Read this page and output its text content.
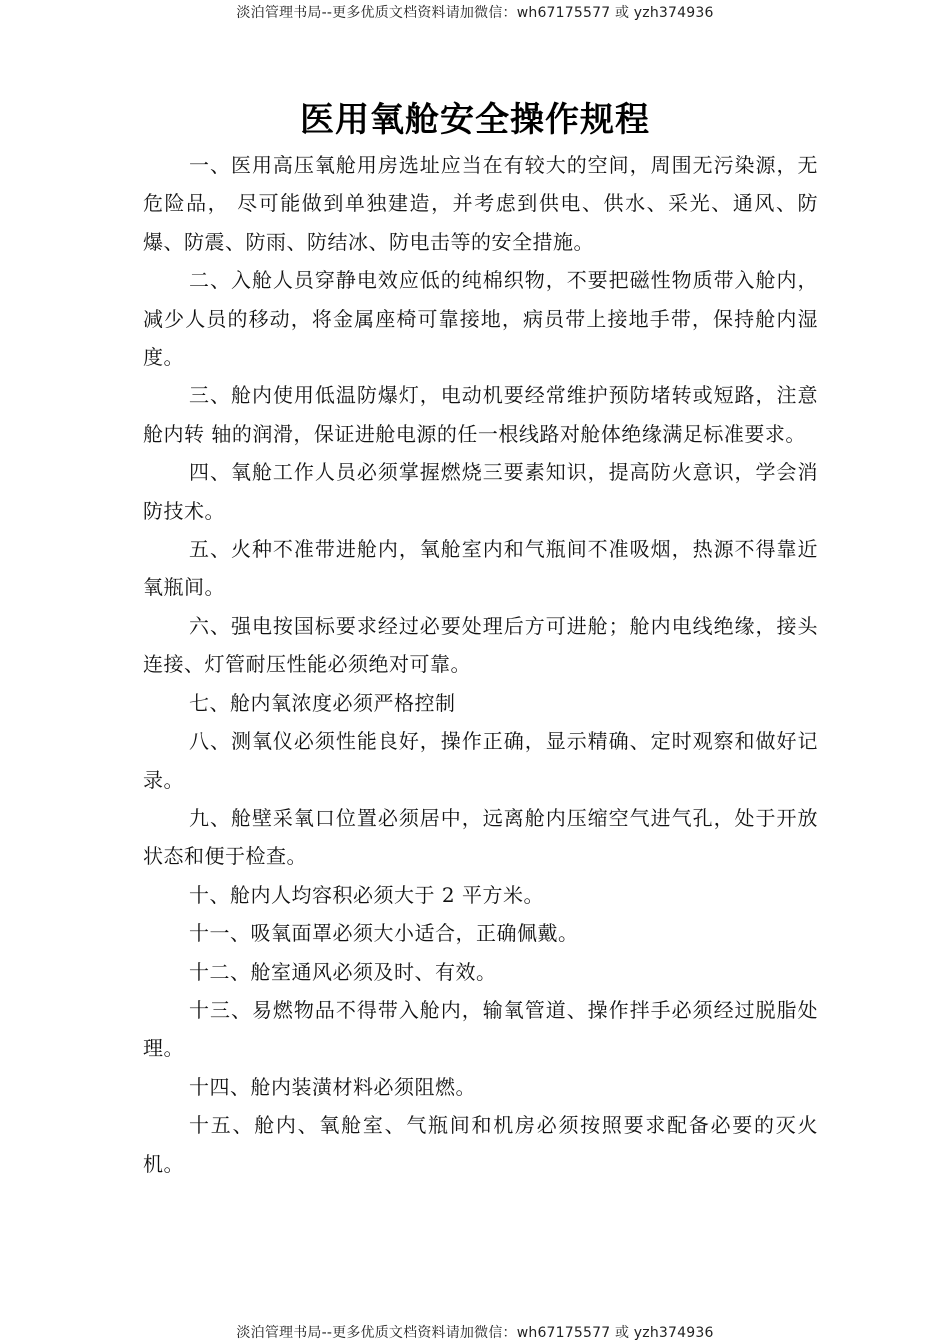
淡泊管理书局--更多优质文档资料请加微信：wh67175577 或 yzh374936
医用氧舱安全操作规程

一、医用高压氧舱用房选址应当在有较大的空间，周围无污染源，无危险品， 尽可能做到单独建造，并考虑到供电、供水、采光、通风、防爆、防震、防雨、防结冰、防电击等的安全措施。

二、入舱人员穿静电效应低的纯棉织物，不要把磁性物质带入舱内，减少人员的移动，将金属座椅可靠接地，病员带上接地手带，保持舱内湿度。

三、舱内使用低温防爆灯，电动机要经常维护预防堵转或短路，注意舱内转 轴的润滑，保证进舱电源的任一根线路对舱体绝缘满足标准要求。

四、氧舱工作人员必须掌握燃烧三要素知识，提高防火意识，学会消防技术。

五、火种不准带进舱内，氧舱室内和气瓶间不准吸烟，热源不得靠近氧瓶间。

六、强电按国标要求经过必要处理后方可进舱；舱内电线绝缘，接头连接、灯管耐压性能必须绝对可靠。

七、舱内氧浓度必须严格控制

八、测氧仪必须性能良好，操作正确，显示精确、定时观察和做好记录。

九、舱壁采氧口位置必须居中，远离舱内压缩空气进气孔，处于开放状态和便于检查。

十、舱内人均容积必须大于 2 平方米。

十一、吸氧面罩必须大小适合，正确佩戴。

十二、舱室通风必须及时、有效。

十三、易燃物品不得带入舱内，输氧管道、操作拌手必须经过脱脂处理。

十四、舱内装潢材料必须阻燃。

十五、舱内、氧舱室、气瓶间和机房必须按照要求配备必要的灭火机。

淡泊管理书局--更多优质文档资料请加微信：wh67175577 或 yzh374936
